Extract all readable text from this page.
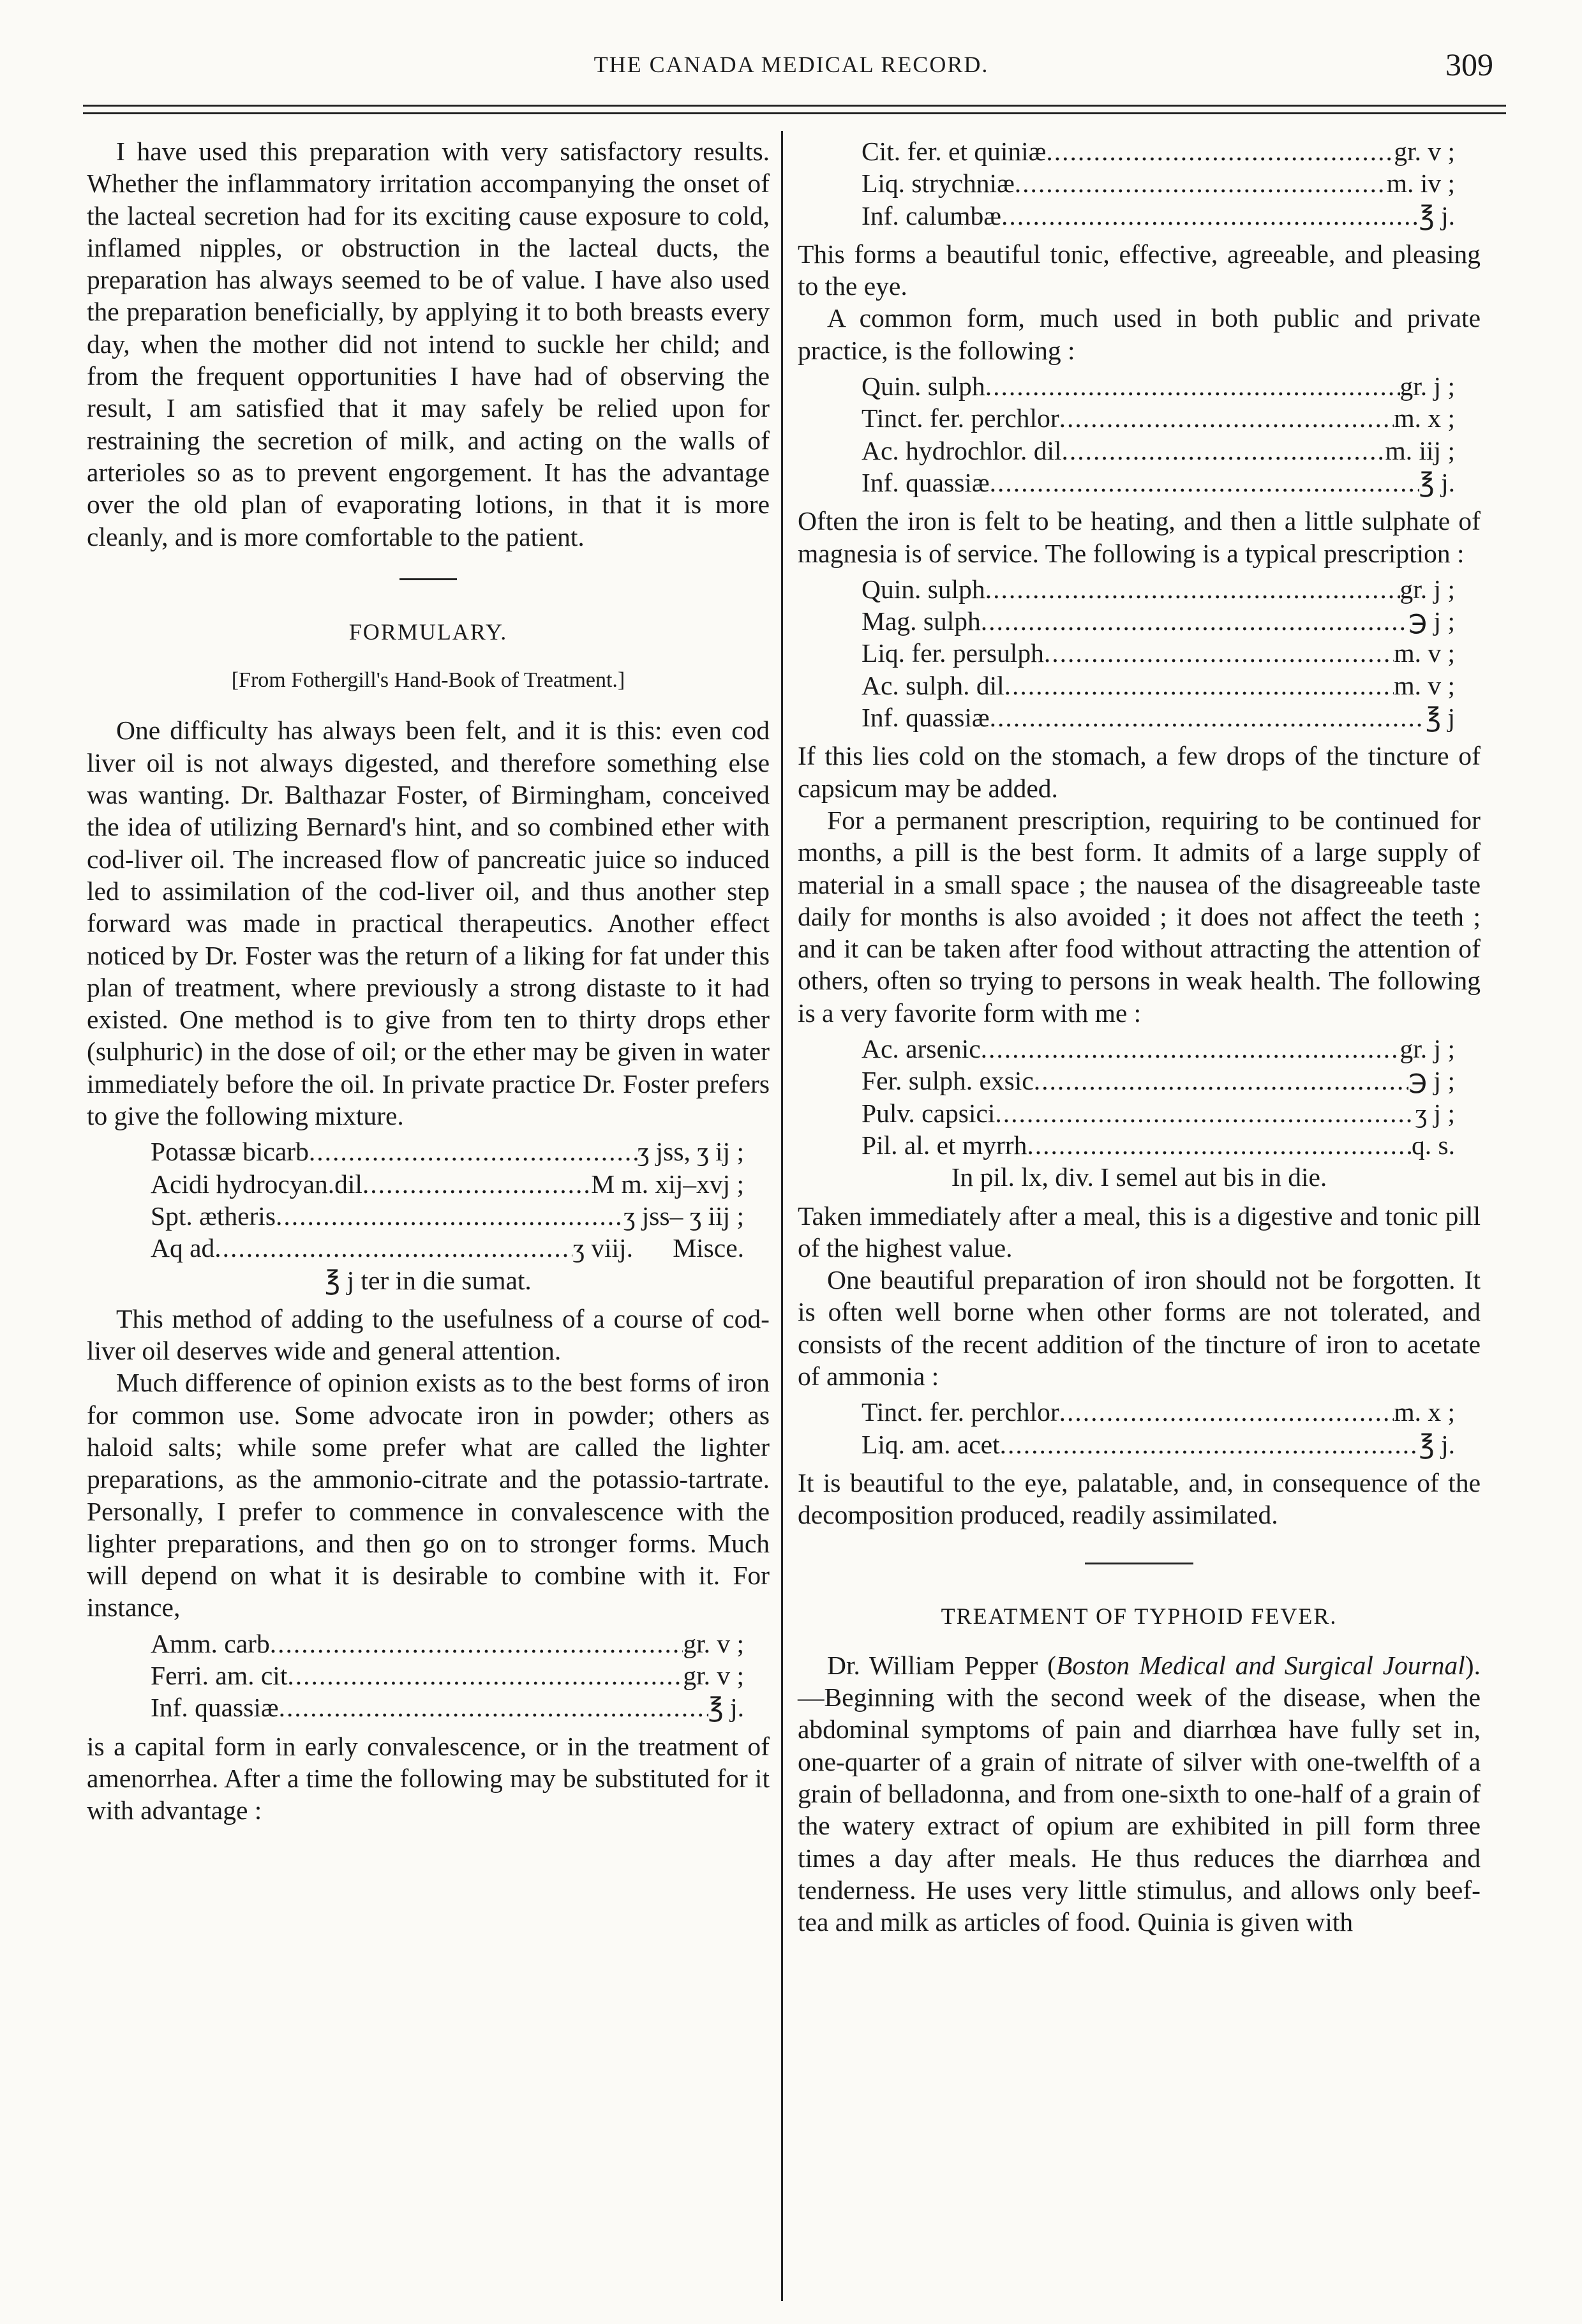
THE CANADA MEDICAL RECORD.	309

I have used this preparation with very satisfactory results. Whether the inflammatory irritation accompanying the onset of the lacteal secretion had for its exciting cause exposure to cold, inflamed nipples, or obstruction in the lacteal ducts, the preparation has always seemed to be of value. I have also used the preparation beneficially, by applying it to both breasts every day, when the mother did not intend to suckle her child; and from the frequent opportunities I have had of observing the result, I am satisfied that it may safely be relied upon for restraining the secretion of milk, and acting on the walls of arterioles so as to prevent engorgement. It has the advantage over the old plan of evaporating lotions, in that it is more cleanly, and is more comfortable to the patient.

FORMULARY.
[From Fothergill's Hand-Book of Treatment.]

One difficulty has always been felt, and it is this: even cod liver oil is not always digested, and therefore something else was wanting. Dr. Balthazar Foster, of Birmingham, conceived the idea of utilizing Bernard's hint, and so combined ether with cod-liver oil. The increased flow of pancreatic juice so induced led to assimilation of the cod-liver oil, and thus another step forward was made in practical therapeutics. Another effect noticed by Dr. Foster was the return of a liking for fat under this plan of treatment, where previously a strong distaste to it had existed. One method is to give from ten to thirty drops ether (sulphuric) in the dose of oil; or the ether may be given in water immediately before the oil. In private practice Dr. Foster prefers to give the following mixture.

Potassæ bicarb .....	ʒ jss, ʒ ij ;
Acidi hydrocyan.dil .....	M m. xij–xvj ;
Spt. ætheris .....	ʒ jss– ʒ iij ;
Aq ad .....	ʒ viij.      Misce.
℥ j ter in die sumat.

This method of adding to the usefulness of a course of cod-liver oil deserves wide and general attention.

Much difference of opinion exists as to the best forms of iron for common use. Some advocate iron in powder; others as haloid salts; while some prefer what are called the lighter preparations, as the ammonio-citrate and the potassio-tartrate. Personally, I prefer to commence in convalescence with the lighter preparations, and then go on to stronger forms. Much will depend on what it is desirable to combine with it. For instance,

Amm. carb .....	gr. v ;
Ferri. am. cit .....	gr. v ;
Inf. quassiæ .....	℥ j.

is a capital form in early convalescence, or in the treatment of amenorrhea. After a time the following may be substituted for it with advantage :

Cit. fer. et quiniæ .....	gr. v ;
Liq. strychniæ .....	m. iv ;
Inf. calumbæ .....	℥ j.

This forms a beautiful tonic, effective, agreeable, and pleasing to the eye.

A common form, much used in both public and private practice, is the following :

Quin. sulph .....	gr. j ;
Tinct. fer. perchlor .....	m. x ;
Ac. hydrochlor. dil .....	m. iij ;
Inf. quassiæ .....	℥ j.

Often the iron is felt to be heating, and then a little sulphate of magnesia is of service. The following is a typical prescription :

Quin. sulph .....	gr. j ;
Mag. sulph .....	℈ j ;
Liq. fer. persulph .....	m. v ;
Ac. sulph. dil .....	m. v ;
Inf. quassiæ .....	℥ j

If this lies cold on the stomach, a few drops of the tincture of capsicum may be added.

For a permanent prescription, requiring to be continued for months, a pill is the best form. It admits of a large supply of material in a small space ; the nausea of the disagreeable taste daily for months is also avoided ; it does not affect the teeth ; and it can be taken after food without attracting the attention of others, often so trying to persons in weak health. The following is a very favorite form with me :

Ac. arsenic .....	gr. j ;
Fer. sulph. exsic .....	℈ j ;
Pulv. capsici .....	ʒ j ;
Pil. al. et myrrh .....	q. s.
In pil. lx, div. I semel aut bis in die.

Taken immediately after a meal, this is a digestive and tonic pill of the highest value.

One beautiful preparation of iron should not be forgotten. It is often well borne when other forms are not tolerated, and consists of the recent addition of the tincture of iron to acetate of ammonia :

Tinct. fer. perchlor .....	m. x ;
Liq. am. acet .....	℥ j.

It is beautiful to the eye, palatable, and, in consequence of the decomposition produced, readily assimilated.

TREATMENT OF TYPHOID FEVER.

Dr. William Pepper (Boston Medical and Surgical Journal).—Beginning with the second week of the disease, when the abdominal symptoms of pain and diarrhœa have fully set in, one-quarter of a grain of nitrate of silver with one-twelfth of a grain of belladonna, and from one-sixth to one-half of a grain of the watery extract of opium are exhibited in pill form three times a day after meals. He thus reduces the diarrhœa and tenderness. He uses very little stimulus, and allows only beef-tea and milk as articles of food. Quinia is given with
